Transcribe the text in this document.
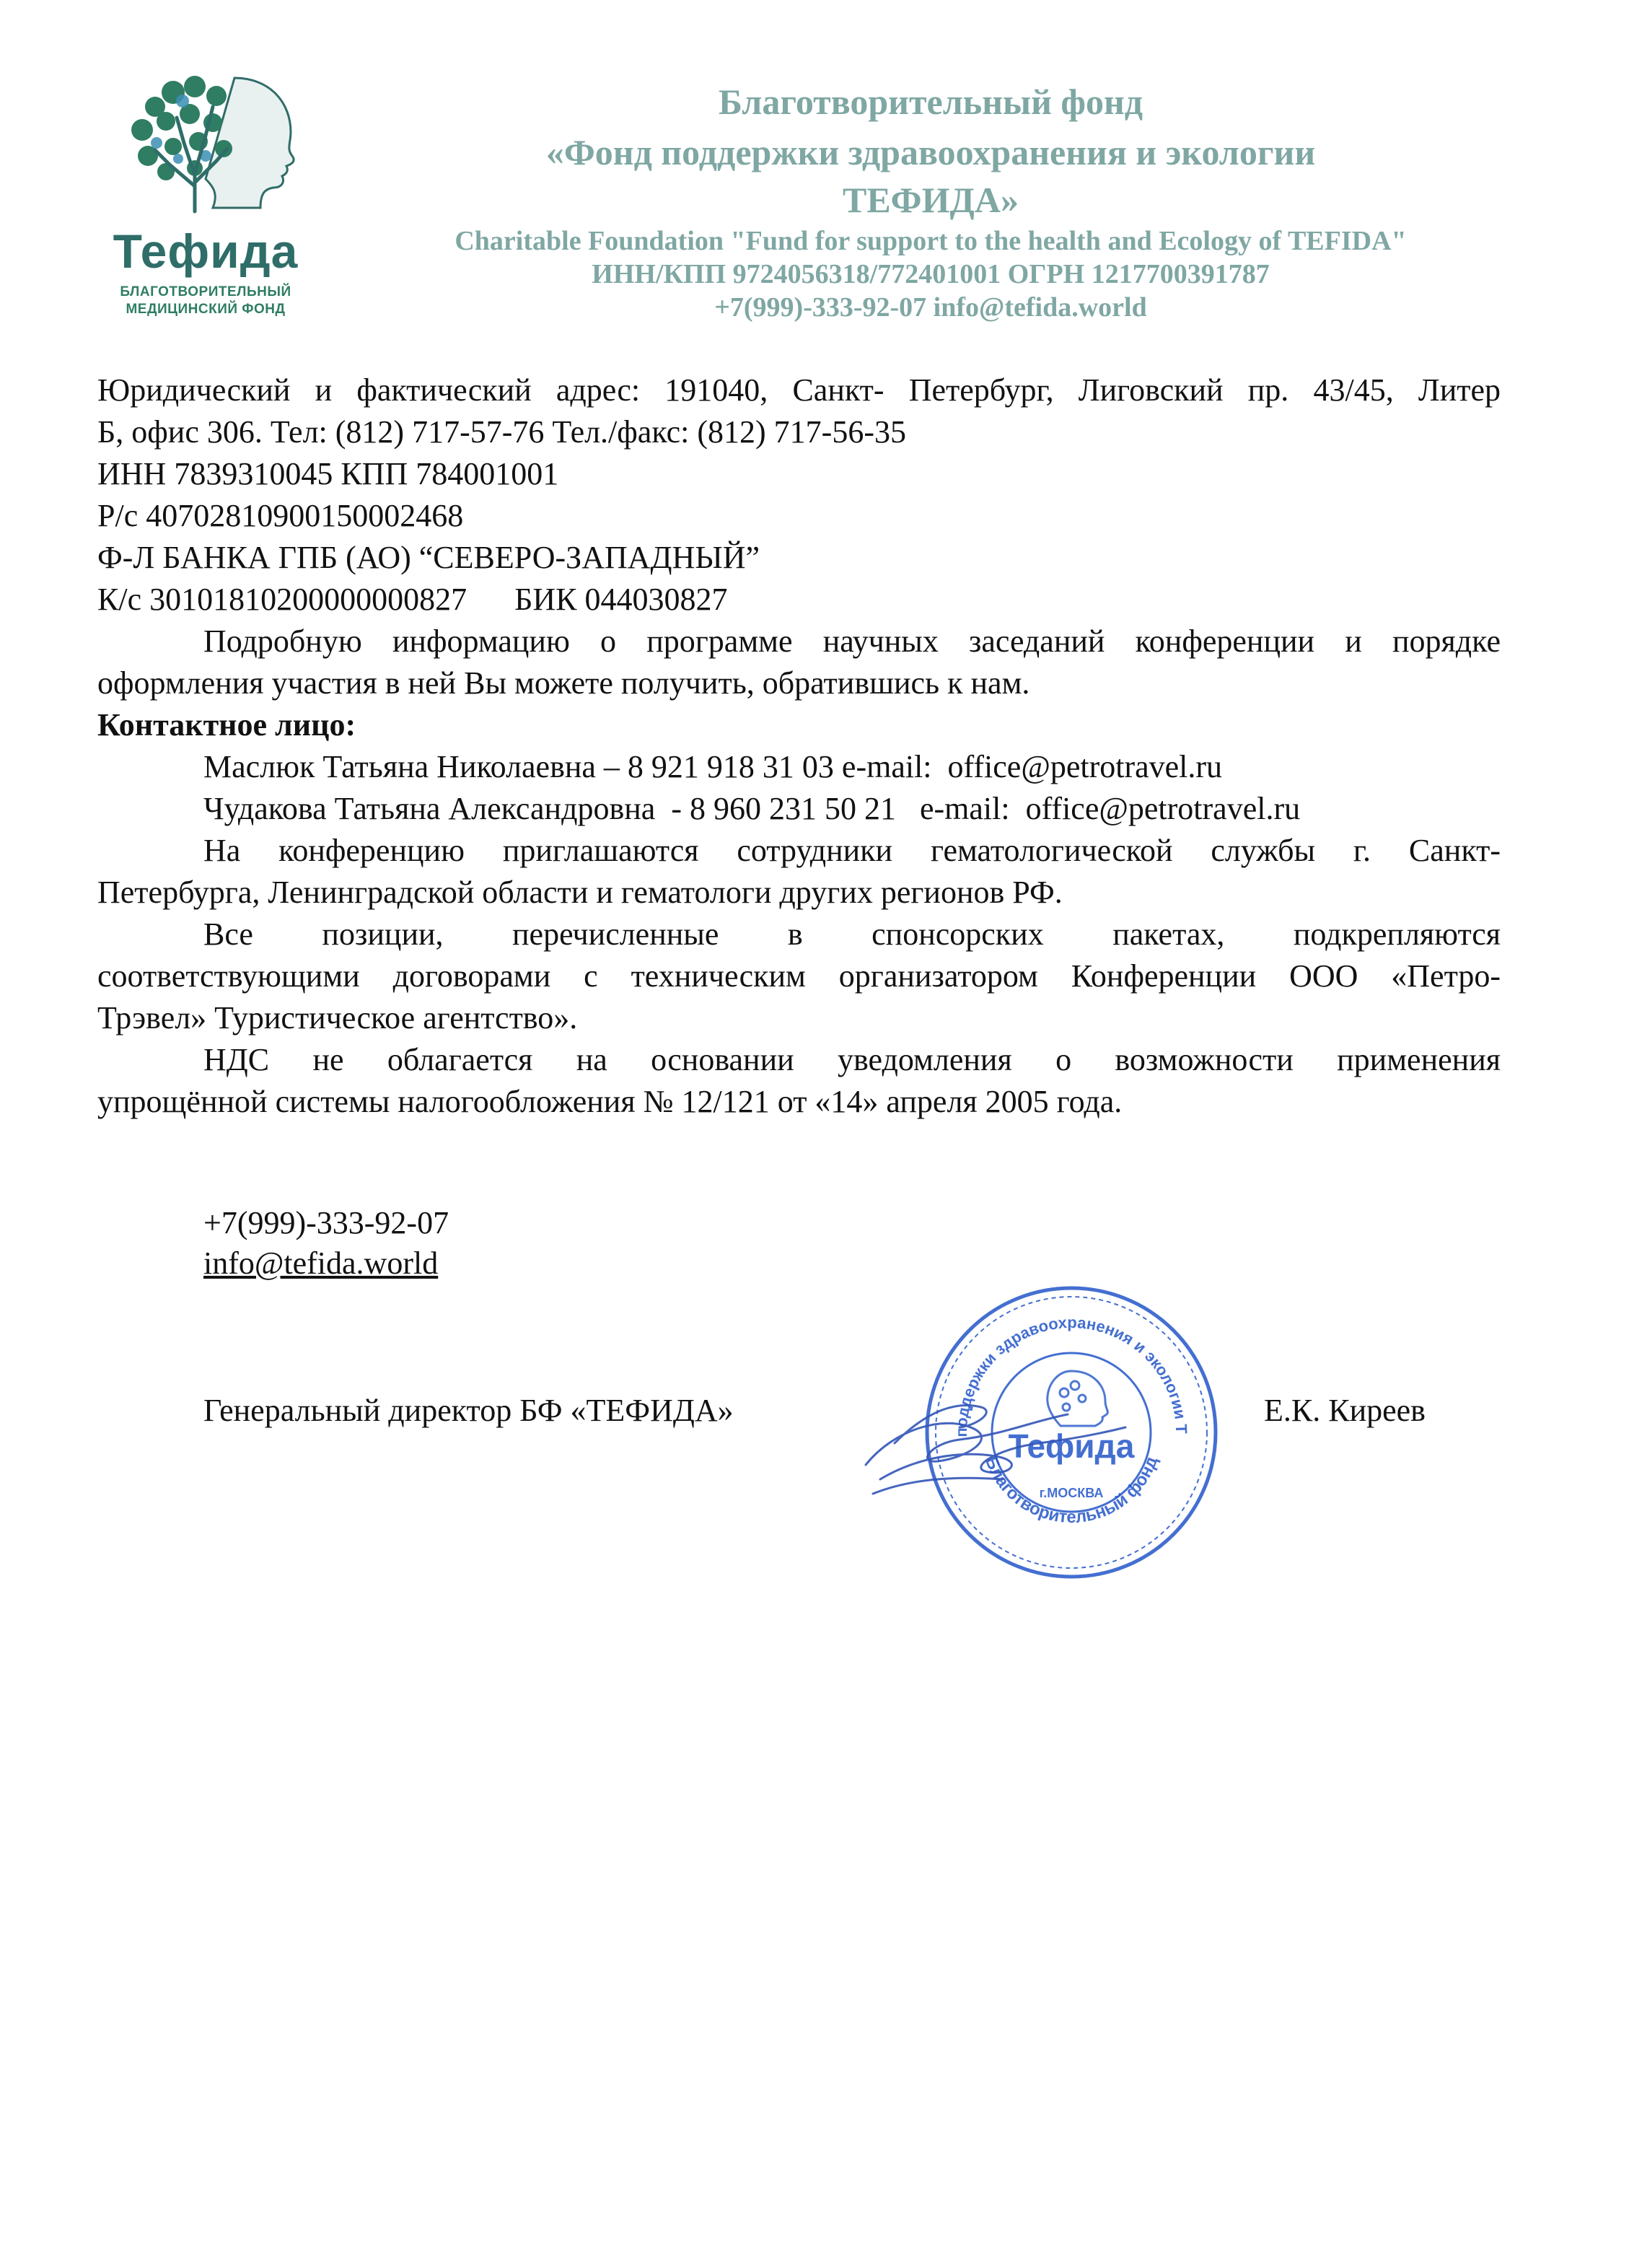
Тефида
БЛАГОТВОРИТЕЛЬНЫЙ
МЕДИЦИНСКИЙ ФОНД
Благотворительный фонд
«Фонд поддержки здравоохранения и экологии
ТЕФИДА»
Charitable Foundation "Fund for support to the health and Ecology of TEFIDA"
ИНН/КПП 9724056318/772401001 ОГРН 1217700391787
+7(999)-333-92-07 info@tefida.world
Юридический и фактический адрес: 191040, Санкт- Петербург, Лиговский пр. 43/45, Литер
Б, офис 306. Тел: (812) 717-57-76 Тел./факс: (812) 717-56-35
ИНН 7839310045 КПП 784001001
Р/с 40702810900150002468
Ф-Л БАНКА ГПБ (АО) “СЕВЕРО-ЗАПАДНЫЙ”
К/с 30101810200000000827      БИК 044030827
Подробную информацию о программе научных заседаний конференции и порядке
оформления участия в ней Вы можете получить, обратившись к нам.
Контактное лицо:
Маслюк Татьяна Николаевна – 8 921 918 31 03 e-mail:  office@petrotravel.ru
Чудакова Татьяна Александровна  - 8 960 231 50 21   e-mail:  office@petrotravel.ru
На конференцию приглашаются сотрудники гематологической службы г. Санкт-
Петербурга, Ленинградской области и гематологи других регионов РФ.
Все позиции, перечисленные в спонсорских пакетах, подкрепляются
соответствующими договорами с техническим организатором Конференции ООО «Петро-
Трэвел» Туристическое агентство».
НДС не облагается на основании уведомления о возможности применения
упрощённой системы налогообложения № 12/121 от «14» апреля 2005 года.
+7(999)-333-92-07
info@tefida.world
Генеральный директор БФ «ТЕФИДА»	Е.К. Киреев
поддержки здравоохранения и экологии Т
Благотворительный фонд
Тефида
г.МОСКВА
